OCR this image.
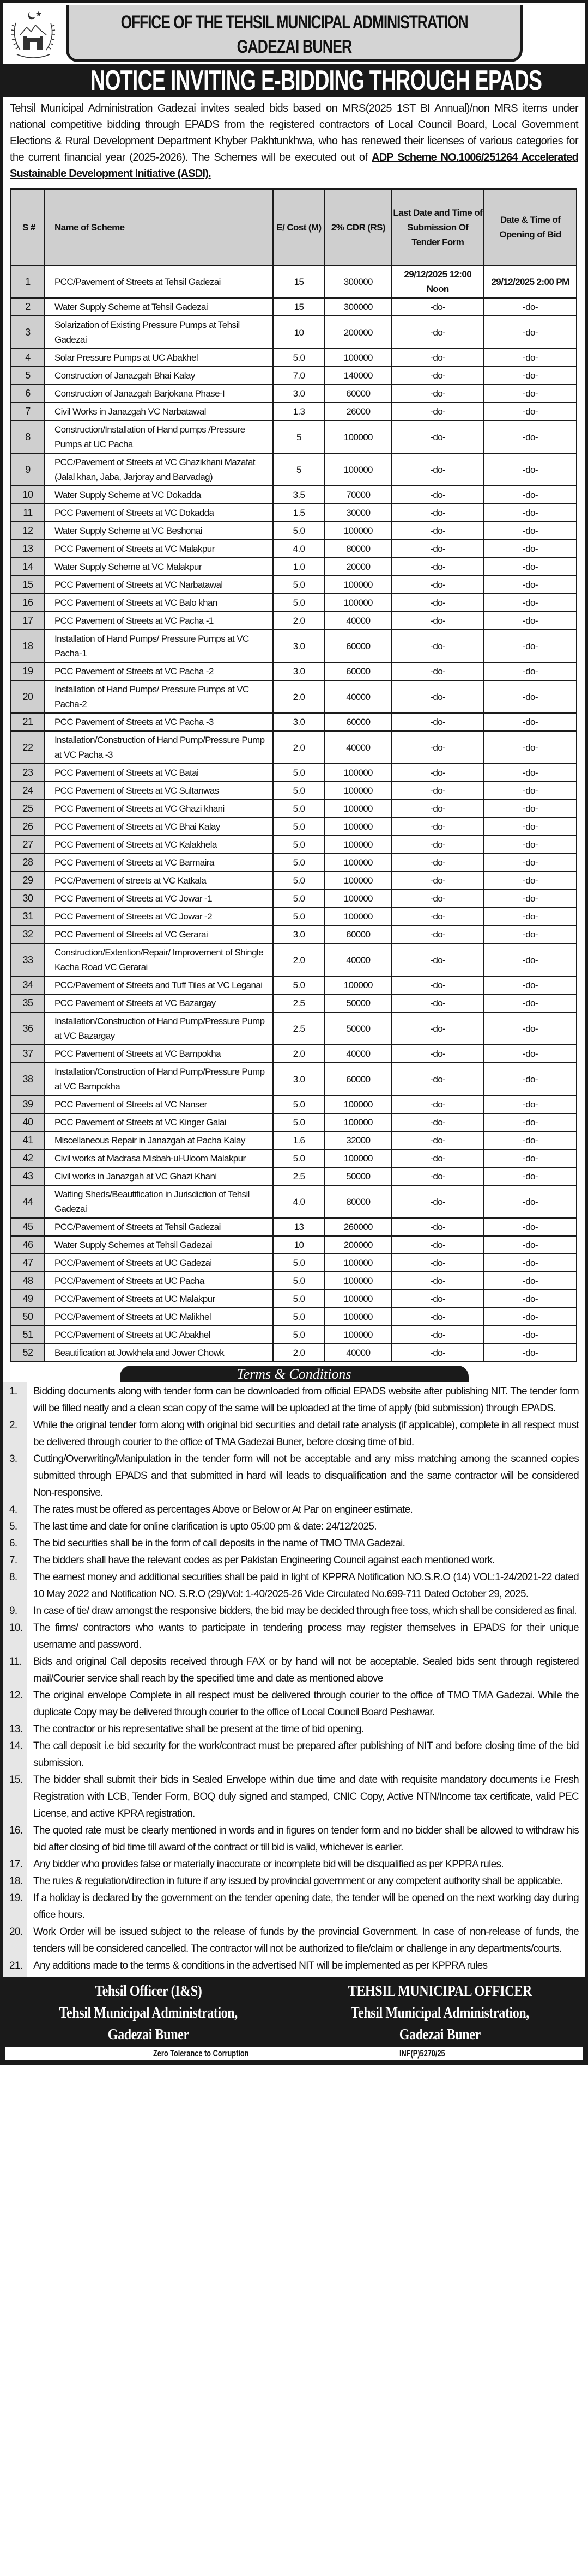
OFFICE OF THE TEHSIL MUNICIPAL ADMINISTRATION
GADEZAI BUNER
NOTICE INVITING E-BIDDING THROUGH EPADS
Tehsil Municipal Administration Gadezai invites sealed bids based on MRS(2025 1ST BI Annual)/non MRS items under national competitive bidding through EPADS from the registered contractors of Local Council Board, Local Government Elections & Rural Development Department Khyber Pakhtunkhwa, who has renewed their licenses of various categories for the current financial year (2025-2026). The Schemes will be executed out of ADP Scheme NO.1006/251264 Accelerated Sustainable Development Initiative (ASDI).
S #	Name of Scheme	E/ Cost (M)	2% CDR (RS)	Last Date and Time of Submission Of Tender Form	Date & Time of Opening of Bid
1	PCC/Pavement of Streets at Tehsil Gadezai	15	300000	29/12/2025 12:00 Noon	29/12/2025 2:00 PM
2	Water Supply Scheme at Tehsil Gadezai	15	300000	-do-	-do-
3	Solarization of Existing Pressure Pumps at Tehsil Gadezai	10	200000	-do-	-do-
4	Solar Pressure Pumps at UC Abakhel	5.0	100000	-do-	-do-
5	Construction of Janazgah Bhai Kalay	7.0	140000	-do-	-do-
6	Construction of Janazgah Barjokana Phase-I	3.0	60000	-do-	-do-
7	Civil Works in Janazgah VC Narbatawal	1.3	26000	-do-	-do-
8	Construction/Installation of Hand pumps /Pressure Pumps at UC Pacha	5	100000	-do-	-do-
9	PCC/Pavement of Streets at VC Ghazikhani Mazafat (Jalal khan, Jaba, Jarjoray and Barvadag)	5	100000	-do-	-do-
10	Water Supply Scheme at VC Dokadda	3.5	70000	-do-	-do-
11	PCC Pavement of Streets at VC Dokadda	1.5	30000	-do-	-do-
12	Water Supply Scheme at VC Beshonai	5.0	100000	-do-	-do-
13	PCC Pavement of Streets at VC Malakpur	4.0	80000	-do-	-do-
14	Water Supply Scheme at VC Malakpur	1.0	20000	-do-	-do-
15	PCC Pavement of Streets at VC Narbatawal	5.0	100000	-do-	-do-
16	PCC Pavement of Streets at VC Balo khan	5.0	100000	-do-	-do-
17	PCC Pavement of Streets at VC Pacha -1	2.0	40000	-do-	-do-
18	Installation of Hand Pumps/ Pressure Pumps at VC Pacha-1	3.0	60000	-do-	-do-
19	PCC Pavement of Streets at VC Pacha -2	3.0	60000	-do-	-do-
20	Installation of Hand Pumps/ Pressure Pumps at VC Pacha-2	2.0	40000	-do-	-do-
21	PCC Pavement of Streets at VC Pacha -3	3.0	60000	-do-	-do-
22	Installation/Construction of Hand Pump/Pressure Pump at VC Pacha -3	2.0	40000	-do-	-do-
23	PCC Pavement of Streets at VC Batai	5.0	100000	-do-	-do-
24	PCC Pavement of Streets at VC Sultanwas	5.0	100000	-do-	-do-
25	PCC Pavement of Streets at VC Ghazi khani	5.0	100000	-do-	-do-
26	PCC Pavement of Streets at VC Bhai Kalay	5.0	100000	-do-	-do-
27	PCC Pavement of Streets at VC Kalakhela	5.0	100000	-do-	-do-
28	PCC Pavement of Streets at VC Barmaira	5.0	100000	-do-	-do-
29	PCC/Pavement of streets at VC Katkala	5.0	100000	-do-	-do-
30	PCC Pavement of Streets at VC Jowar -1	5.0	100000	-do-	-do-
31	PCC Pavement of Streets at VC Jowar -2	5.0	100000	-do-	-do-
32	PCC Pavement of Streets at VC Gerarai	3.0	60000	-do-	-do-
33	Construction/Extention/Repair/ Improvement of Shingle Kacha Road VC Gerarai	2.0	40000	-do-	-do-
34	PCC/Pavement of Streets and Tuff Tiles at VC Leganai	5.0	100000	-do-	-do-
35	PCC Pavement of Streets at VC Bazargay	2.5	50000	-do-	-do-
36	Installation/Construction of Hand Pump/Pressure Pump at VC Bazargay	2.5	50000	-do-	-do-
37	PCC Pavement of Streets at VC Bampokha	2.0	40000	-do-	-do-
38	Installation/Construction of Hand Pump/Pressure Pump at VC Bampokha	3.0	60000	-do-	-do-
39	PCC Pavement of Streets at VC Nanser	5.0	100000	-do-	-do-
40	PCC Pavement of Streets at VC Kinger Galai	5.0	100000	-do-	-do-
41	Miscellaneous Repair in Janazgah at Pacha Kalay	1.6	32000	-do-	-do-
42	Civil works at Madrasa Misbah-ul-Uloom Malakpur	5.0	100000	-do-	-do-
43	Civil works in Janazgah at VC Ghazi Khani	2.5	50000	-do-	-do-
44	Waiting Sheds/Beautification in Jurisdiction of Tehsil Gadezai	4.0	80000	-do-	-do-
45	PCC/Pavement of Streets at Tehsil Gadezai	13	260000	-do-	-do-
46	Water Supply Schemes at Tehsil Gadezai	10	200000	-do-	-do-
47	PCC/Pavement of Streets at UC Gadezai	5.0	100000	-do-	-do-
48	PCC/Pavement of Streets at UC Pacha	5.0	100000	-do-	-do-
49	PCC/Pavement of Streets at UC Malakpur	5.0	100000	-do-	-do-
50	PCC/Pavement of Streets at UC Malikhel	5.0	100000	-do-	-do-
51	PCC/Pavement of Streets at UC Abakhel	5.0	100000	-do-	-do-
52	Beautification at Jowkhela and Jower Chowk	2.0	40000	-do-	-do-
Terms & Conditions
1.	Bidding documents along with tender form can be downloaded from official EPADS website after publishing NIT. The tender form will be filled neatly and a clean scan copy of the same will be uploaded at the time of apply (bid submission) through EPADS.
2.	While the original tender form along with original bid securities and detail rate analysis (if applicable), complete in all respect must be delivered through courier to the office of TMA Gadezai Buner, before closing time of bid.
3.	Cutting/Overwriting/Manipulation in the tender form will not be acceptable and any miss matching among the scanned copies submitted through EPADS and that submitted in hard will leads to disqualification and the same contractor will be considered Non-responsive.
4.	The rates must be offered as percentages Above or Below or At Par on engineer estimate.
5.	The last time and date for online clarification is upto 05:00 pm & date: 24/12/2025.
6.	The bid securities shall be in the form of call deposits in the name of TMO TMA Gadezai.
7.	The bidders shall have the relevant codes as per Pakistan Engineering Council against each mentioned work.
8.	The earnest money and additional securities shall be paid in light of KPPRA Notification NO.S.R.O (14) VOL:1-24/2021-22 dated 10 May 2022 and Notification NO. S.R.O (29)/Vol: 1-40/2025-26 Vide Circulated No.699-711 Dated October 29, 2025.
9.	In case of tie/ draw amongst the responsive bidders, the bid may be decided through free toss, which shall be considered as final.
10.	The firms/ contractors who wants to participate in tendering process may register themselves in EPADS for their unique username and password.
11.	Bids and original Call deposits received through FAX or by hand will not be acceptable. Sealed bids sent through registered mail/Courier service shall reach by the specified time and date as mentioned above
12.	The original envelope Complete in all respect must be delivered through courier to the office of TMO TMA Gadezai. While the duplicate Copy may be delivered through courier to the office of Local Council Board Peshawar.
13.	The contractor or his representative shall be present at the time of bid opening.
14.	The call deposit i.e bid security for the work/contract must be prepared after publishing of NIT and before closing time of the bid submission.
15.	The bidder shall submit their bids in Sealed Envelope within due time and date with requisite mandatory documents i.e Fresh Registration with LCB, Tender Form, BOQ duly signed and stamped, CNIC Copy, Active NTN/Income tax certificate, valid PEC License, and active KPRA registration.
16.	The quoted rate must be clearly mentioned in words and in figures on tender form and no bidder shall be allowed to withdraw his bid after closing of bid time till award of the contract or till bid is valid, whichever is earlier.
17.	Any bidder who provides false or materially inaccurate or incomplete bid will be disqualified as per KPPRA rules.
18.	The rules & regulation/direction in future if any issued by provincial government or any competent authority shall be applicable.
19.	If a holiday is declared by the government on the tender opening date, the tender will be opened on the next working day during office hours.
20.	Work Order will be issued subject to the release of funds by the provincial Government. In case of non-release of funds, the tenders will be considered cancelled. The contractor will not be authorized to file/claim or challenge in any departments/courts.
21.	Any additions made to the terms & conditions in the advertised NIT will be implemented as per KPPRA rules
Tehsil Officer (I&S)
Tehsil Municipal Administration,
Gadezai Buner
TEHSIL MUNICIPAL OFFICER
Tehsil Municipal Administration,
Gadezai Buner
Zero Tolerance to Corruption	INF(P)5270/25
